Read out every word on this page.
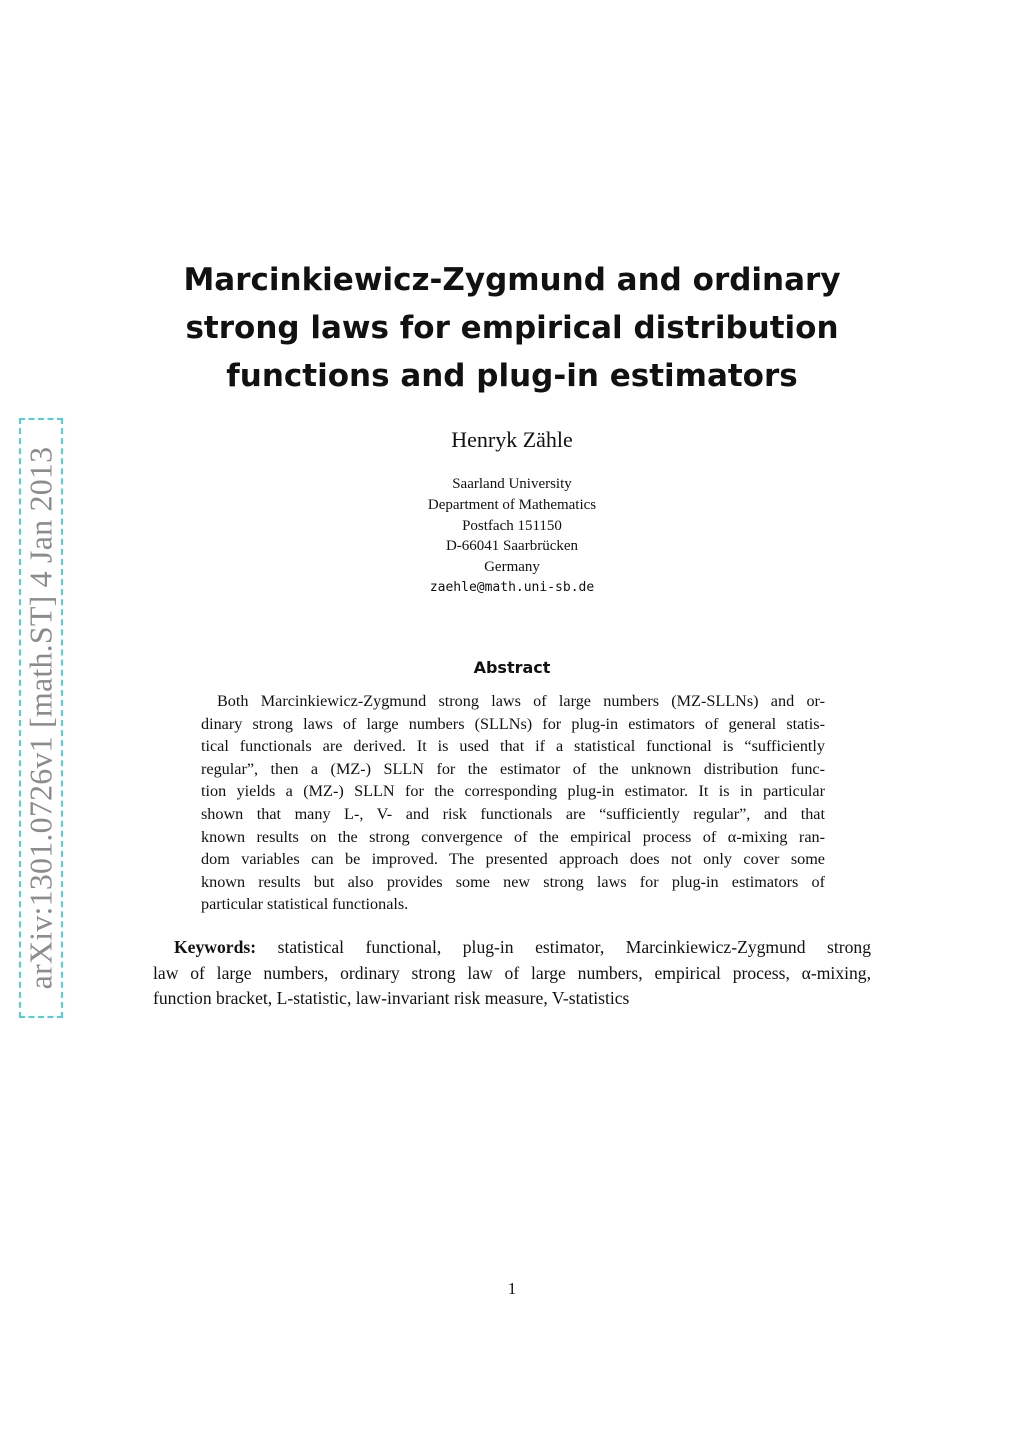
arXiv:1301.0726v1 [math.ST] 4 Jan 2013
Marcinkiewicz-Zygmund and ordinary
strong laws for empirical distribution
functions and plug-in estimators
Henryk Zähle
Saarland University
Department of Mathematics
Postfach 151150
D-66041 Saarbrücken
Germany
zaehle@math.uni-sb.de
Abstract
Both Marcinkiewicz-Zygmund strong laws of large numbers (MZ-SLLNs) and or-
dinary strong laws of large numbers (SLLNs) for plug-in estimators of general statis-
tical functionals are derived. It is used that if a statistical functional is “sufficiently
regular”, then a (MZ-) SLLN for the estimator of the unknown distribution func-
tion yields a (MZ-) SLLN for the corresponding plug-in estimator. It is in particular
shown that many L-, V- and risk functionals are “sufficiently regular”, and that
known results on the strong convergence of the empirical process of α-mixing ran-
dom variables can be improved. The presented approach does not only cover some
known results but also provides some new strong laws for plug-in estimators of
particular statistical functionals.
Keywords: statistical functional, plug-in estimator, Marcinkiewicz-Zygmund strong
law of large numbers, ordinary strong law of large numbers, empirical process, α-mixing,
function bracket, L-statistic, law-invariant risk measure, V-statistics
1
